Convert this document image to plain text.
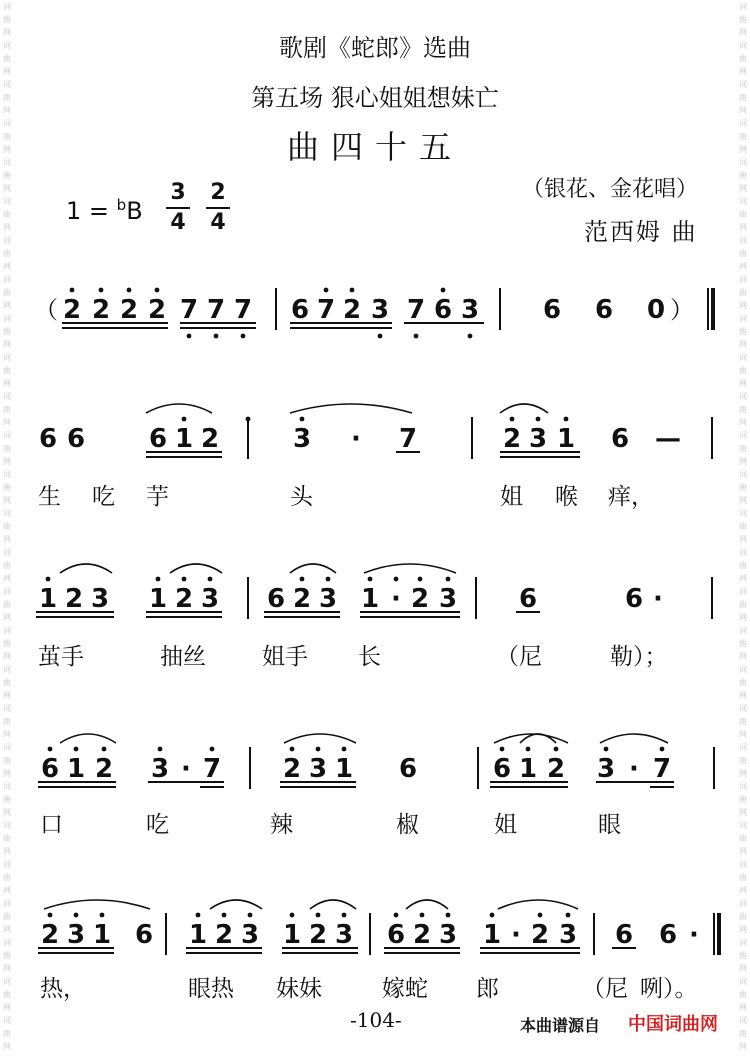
词曲网词曲网词曲网词曲网词曲网词曲网词曲网词曲网词曲网词曲网词曲网词曲网词曲网词曲网词曲网词曲网词曲网词曲网词曲网词曲网词曲网词曲网词曲网词曲网词曲网词曲网词曲网
词曲网词曲网词曲网词曲网词曲网词曲网词曲网词曲网词曲网词曲网词曲网词曲网词曲网词曲网词曲网词曲网词曲网词曲网词曲网词曲网词曲网词曲网词曲网词曲网词曲网词曲网词曲网
歌剧《蛇郎》选曲
第五场 狠心姐姐想妹亡
曲四十五
1 = $^b$B
3
4
2
4
（银花、金花唱）
范西姆 曲
2 2 2 2 7 7 7 6 7 2 3 7 6 3 6 6 0
6 6 6 1 2	3 · 7	2 3 1 6 —
1 2 3 1 2 3 6 2 3 1 · 2 3 6	6 ·
6 1 2 3 · 7 2 3 1 6	6 1 2 3 · 7
2 3 1 6 1 2 3 1 2 3 6 2 3 1 · 2 3 6 6 ·
（	）
生 吃 芋	头	姐 喉 痒，
茧手	抽丝 姐手 长	（尼	勒）；
口	吃	辣	椒	姐	眼
热，	眼热 妹妹	嫁蛇 郎	（尼 咧）。
-104-	本曲谱源自 中国词曲网
